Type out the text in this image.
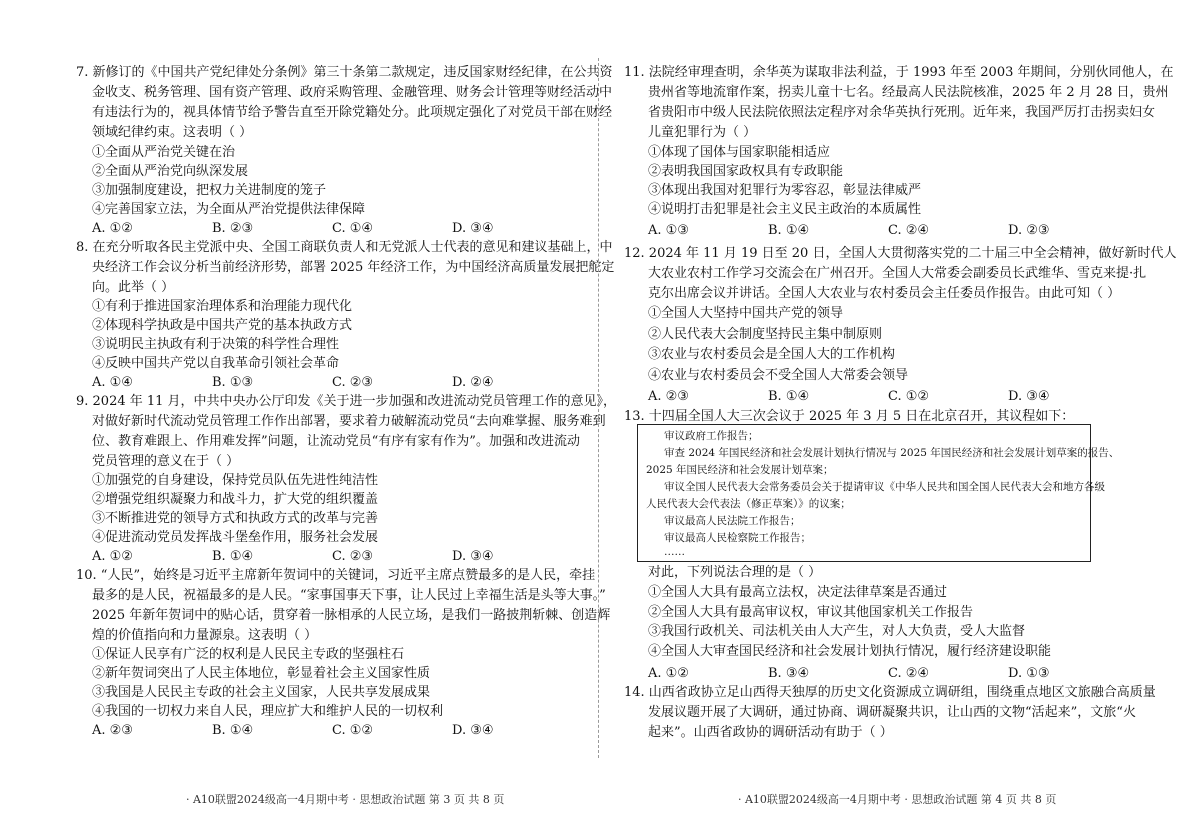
7. 新修订的《中国共产党纪律处分条例》第三十条第二款规定，违反国家财经纪律，在公共资
金收支、税务管理、国有资产管理、政府采购管理、金融管理、财务会计管理等财经活动中
有违法行为的，视具体情节给予警告直至开除党籍处分。此项规定强化了对党员干部在财经
领域纪律约束。这表明（ ）
①全面从严治党关键在治
②全面从严治党向纵深发展
③加强制度建设，把权力关进制度的笼子
④完善国家立法，为全面从严治党提供法律保障
A. ①②	B. ②③	C. ①④	D. ③④
8. 在充分听取各民主党派中央、全国工商联负责人和无党派人士代表的意见和建议基础上，中
央经济工作会议分析当前经济形势，部署 2025 年经济工作，为中国经济高质量发展把舵定
向。此举（ ）
①有利于推进国家治理体系和治理能力现代化
②体现科学执政是中国共产党的基本执政方式
③说明民主执政有利于决策的科学性合理性
④反映中国共产党以自我革命引领社会革命
A. ①④	B. ①③	C. ②③	D. ②④
9. 2024 年 11 月，中共中央办公厅印发《关于进一步加强和改进流动党员管理工作的意见》，
对做好新时代流动党员管理工作作出部署，要求着力破解流动党员“去向难掌握、服务难到
位、教育难跟上、作用难发挥”问题，让流动党员“有序有家有作为”。加强和改进流动
党员管理的意义在于（ ）
①加强党的自身建设，保持党员队伍先进性纯洁性
②增强党组织凝聚力和战斗力，扩大党的组织覆盖
③不断推进党的领导方式和执政方式的改革与完善
④促进流动党员发挥战斗堡垒作用，服务社会发展
A. ①②	B. ①④	C. ②③	D. ③④
10. “人民”，始终是习近平主席新年贺词中的关键词，习近平主席点赞最多的是人民，牵挂
最多的是人民，祝福最多的是人民。“家事国事天下事，让人民过上幸福生活是头等大事。”
2025 年新年贺词中的贴心话，贯穿着一脉相承的人民立场，是我们一路披荆斩棘、创造辉
煌的价值指向和力量源泉。这表明（ ）
①保证人民享有广泛的权利是人民民主专政的坚强柱石
②新年贺词突出了人民主体地位，彰显着社会主义国家性质
③我国是人民民主专政的社会主义国家，人民共享发展成果
④我国的一切权力来自人民，理应扩大和维护人民的一切权利
A. ②③	B. ①④	C. ①②	D. ③④
· A10联盟2024级高一4月期中考 · 思想政治试题 第 3 页 共 8 页
11. 法院经审理查明，余华英为谋取非法利益，于 1993 年至 2003 年期间，分别伙同他人，在
贵州省等地流窜作案，拐卖儿童十七名。经最高人民法院核准，2025 年 2 月 28 日，贵州
省贵阳市中级人民法院依照法定程序对余华英执行死刑。近年来，我国严厉打击拐卖妇女
儿童犯罪行为（ ）
①体现了国体与国家职能相适应
②表明我国国家政权具有专政职能
③体现出我国对犯罪行为零容忍，彰显法律威严
④说明打击犯罪是社会主义民主政治的本质属性
A. ①③	B. ①④	C. ②④	D. ②③
12. 2024 年 11 月 19 日至 20 日，全国人大贯彻落实党的二十届三中全会精神，做好新时代人
大农业农村工作学习交流会在广州召开。全国人大常委会副委员长武维华、雪克来提·扎
克尔出席会议并讲话。全国人大农业与农村委员会主任委员作报告。由此可知（ ）
①全国人大坚持中国共产党的领导
②人民代表大会制度坚持民主集中制原则
③农业与农村委员会是全国人大的工作机构
④农业与农村委员会不受全国人大常委会领导
A. ②③	B. ①④	C. ①②	D. ③④
13. 十四届全国人大三次会议于 2025 年 3 月 5 日在北京召开，其议程如下：
对此，下列说法合理的是（ ）
①全国人大具有最高立法权，决定法律草案是否通过
②全国人大具有最高审议权，审议其他国家机关工作报告
③我国行政机关、司法机关由人大产生，对人大负责，受人大监督
④全国人大审查国民经济和社会发展计划执行情况，履行经济建设职能
A. ①②	B. ③④	C. ②④	D. ①③
14. 山西省政协立足山西得天独厚的历史文化资源成立调研组，围绕重点地区文旅融合高质量
发展议题开展了大调研，通过协商、调研凝聚共识，让山西的文物“活起来”，文旅“火
起来”。山西省政协的调研活动有助于（ ）
· A10联盟2024级高一4月期中考 · 思想政治试题 第 4 页 共 8 页
审议政府工作报告；
审查 2024 年国民经济和社会发展计划执行情况与 2025 年国民经济和社会发展计划草案的报告、
2025 年国民经济和社会发展计划草案；
审议全国人民代表大会常务委员会关于提请审议《中华人民共和国全国人民代表大会和地方各级
人民代表大会代表法（修正草案）》的议案；
审议最高人民法院工作报告；
审议最高人民检察院工作报告；
……
